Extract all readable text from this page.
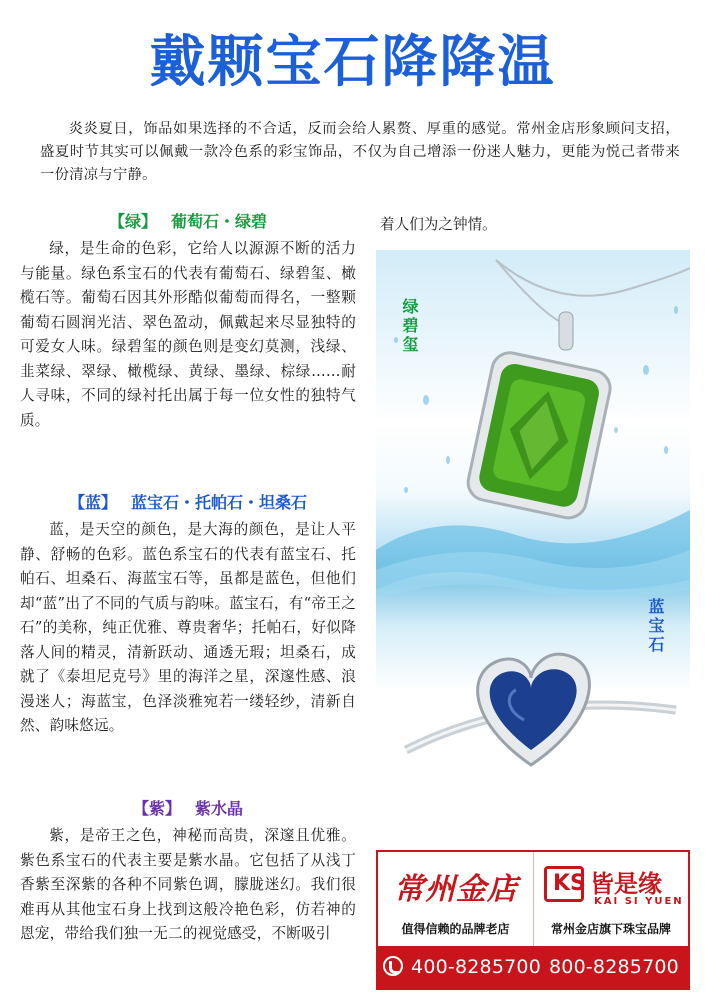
戴颗宝石降降温

炎炎夏日，饰品如果选择的不合适，反而会给人累赘、厚重的感觉。常州金店形象顾问支招，盛夏时节其实可以佩戴一款冷色系的彩宝饰品，不仅为自己增添一份迷人魅力，更能为悦己者带来一份清凉与宁静。

【绿】 葡萄石・绿碧

绿，是生命的色彩，它给人以源源不断的活力与能量。绿色系宝石的代表有葡萄石、绿碧玺、橄榄石等。葡萄石因其外形酷似葡萄而得名，一整颗葡萄石圆润光洁、翠色盈动，佩戴起来尽显独特的可爱女人味。绿碧玺的颜色则是变幻莫测，浅绿、韭菜绿、翠绿、橄榄绿、黄绿、墨绿、棕绿……耐人寻味，不同的绿衬托出属于每一位女性的独特气质。

【蓝】 蓝宝石・托帕石・坦桑石

蓝，是天空的颜色，是大海的颜色，是让人平静、舒畅的色彩。蓝色系宝石的代表有蓝宝石、托帕石、坦桑石、海蓝宝石等，虽都是蓝色，但他们却“蓝”出了不同的气质与韵味。蓝宝石，有“帝王之石”的美称，纯正优雅、尊贵奢华；托帕石，好似降落人间的精灵，清新跃动、通透无瑕；坦桑石，成就了《泰坦尼克号》里的海洋之星，深邃性感、浪漫迷人；海蓝宝，色泽淡雅宛若一缕轻纱，清新自然、韵味悠远。

【紫】 紫水晶

紫，是帝王之色，神秘而高贵，深邃且优雅。紫色系宝石的代表主要是紫水晶。它包括了从浅丁香紫至深紫的各种不同紫色调，朦胧迷幻。我们很难再从其他宝石身上找到这般冷艳色彩，仿若神的恩宠，带给我们独一无二的视觉感受，不断吸引

着人们为之钟情。
绿碧玺
蓝宝石
常州金店
值得信赖的品牌老店
KS 皆是缘
KAI SI YUEN
常州金店旗下珠宝品牌
400-8285700 800-8285700
